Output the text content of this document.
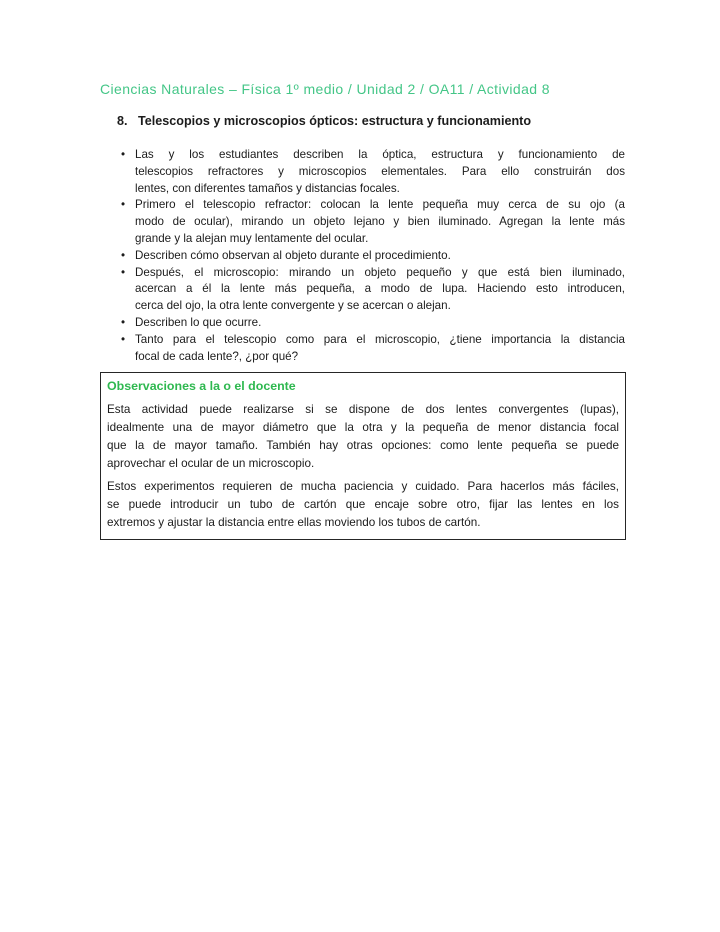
Ciencias Naturales – Física 1º medio / Unidad 2 / OA11 / Actividad 8
8. Telescopios y microscopios ópticos: estructura y funcionamiento
• Las y los estudiantes describen la óptica, estructura y funcionamiento de
telescopios refractores y microscopios elementales. Para ello construirán dos
lentes, con diferentes tamaños y distancias focales.
• Primero el telescopio refractor: colocan la lente pequeña muy cerca de su ojo (a
modo de ocular), mirando un objeto lejano y bien iluminado. Agregan la lente más
grande y la alejan muy lentamente del ocular.
• Describen cómo observan al objeto durante el procedimiento.
• Después, el microscopio: mirando un objeto pequeño y que está bien iluminado,
acercan a él la lente más pequeña, a modo de lupa. Haciendo esto introducen,
cerca del ojo, la otra lente convergente y se acercan o alejan.
• Describen lo que ocurre.
• Tanto para el telescopio como para el microscopio, ¿tiene importancia la distancia
focal de cada lente?, ¿por qué?
Observaciones a la o el docente
Esta actividad puede realizarse si se dispone de dos lentes convergentes (lupas),
idealmente una de mayor diámetro que la otra y la pequeña de menor distancia focal
que la de mayor tamaño. También hay otras opciones: como lente pequeña se puede
aprovechar el ocular de un microscopio.
Estos experimentos requieren de mucha paciencia y cuidado. Para hacerlos más fáciles,
se puede introducir un tubo de cartón que encaje sobre otro, fijar las lentes en los
extremos y ajustar la distancia entre ellas moviendo los tubos de cartón.
